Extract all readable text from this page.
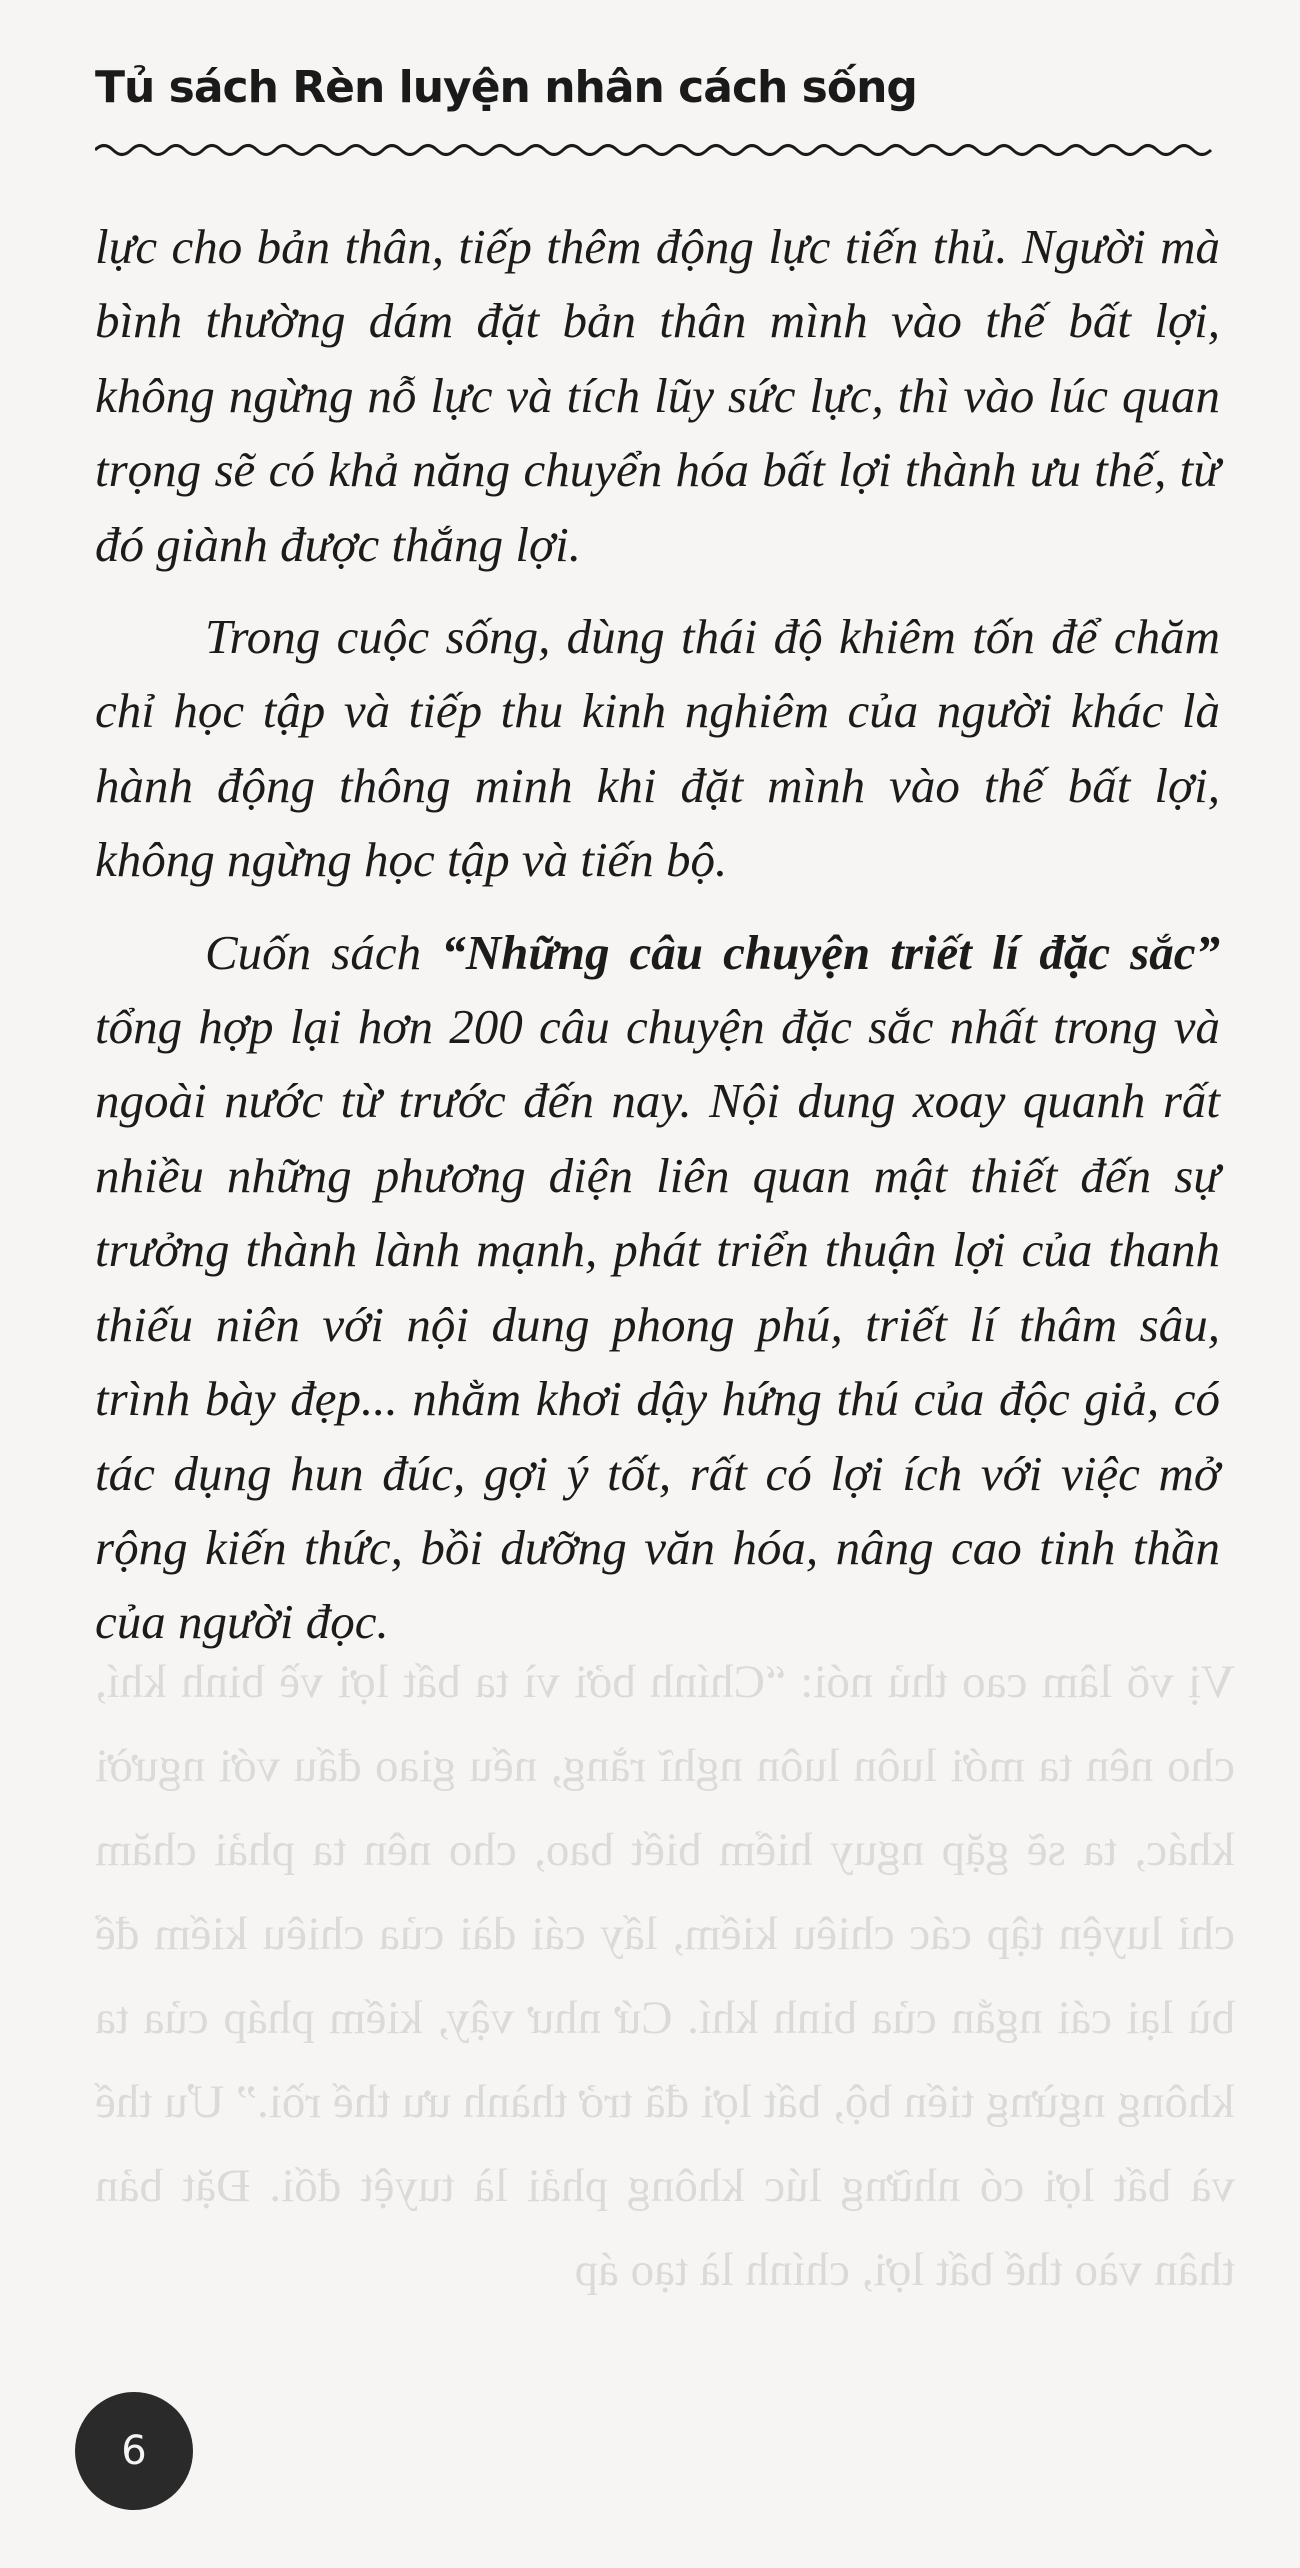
Tủ sách Rèn luyện nhân cách sống
Vị võ lâm cao thủ nói: “Chính bởi vì ta bất lợi về binh khí, cho nên ta mới luôn luôn nghĩ rằng, nếu giao đấu với người khác, ta sẽ gặp nguy hiểm biết bao, cho nên ta phải chăm chỉ luyện tập các chiêu kiếm, lấy cái dài của chiêu kiếm để bù lại cái ngắn của binh khí. Cứ như vậy, kiếm pháp của ta không ngừng tiến bộ, bất lợi đã trở thành ưu thế rồi.” Ưu thế và bất lợi có những lúc không phải là tuyệt đối. Đặt bản thân vào thế bất lợi, chính là tạo áp

lực cho bản thân, tiếp thêm động lực tiến thủ. Người mà bình thường dám đặt bản thân mình vào thế bất lợi, không ngừng nỗ lực và tích lũy sức lực, thì vào lúc quan trọng sẽ có khả năng chuyển hóa bất lợi thành ưu thế, từ đó giành được thắng lợi.

Trong cuộc sống, dùng thái độ khiêm tốn để chăm chỉ học tập và tiếp thu kinh nghiêm của người khác là hành động thông minh khi đặt mình vào thế bất lợi, không ngừng học tập và tiến bộ.

Cuốn sách “Những câu chuyện triết lí đặc sắc” tổng hợp lại hơn 200 câu chuyện đặc sắc nhất trong và ngoài nước từ trước đến nay. Nội dung xoay quanh rất nhiều những phương diện liên quan mật thiết đến sự trưởng thành lành mạnh, phát triển thuận lợi của thanh thiếu niên với nội dung phong phú, triết lí thâm sâu, trình bày đẹp... nhằm khơi dậy hứng thú của độc giả, có tác dụng hun đúc, gợi ý tốt, rất có lợi ích với việc mở rộng kiến thức, bồi dưỡng văn hóa, nâng cao tinh thần của người đọc.

6
